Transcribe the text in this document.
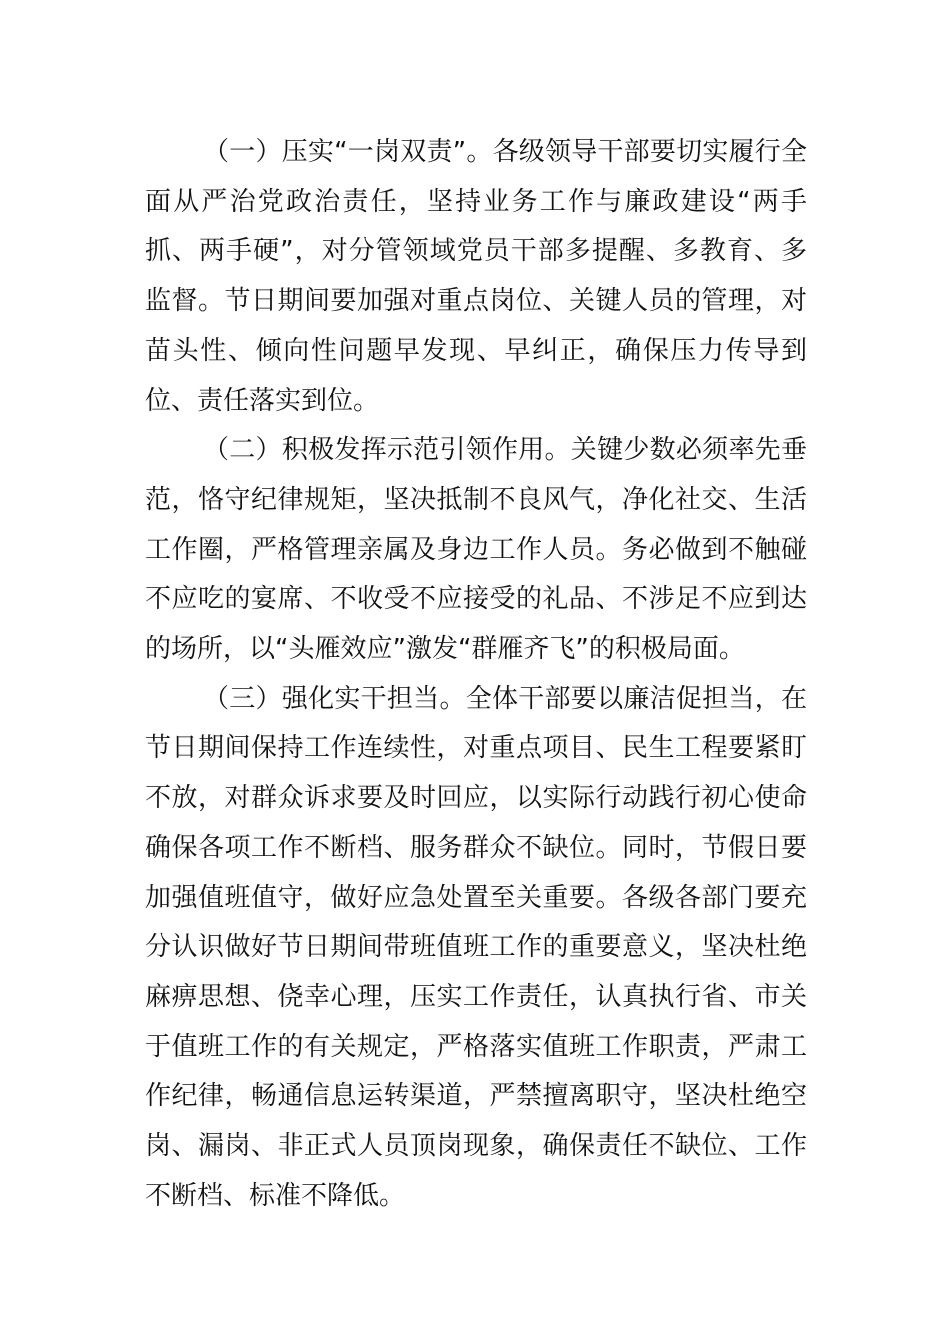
（一）压实“一岗双责”。各级领导干部要切实履行全面从严治党政治责任，坚持业务工作与廉政建设“两手抓、两手硬”，对分管领域党员干部多提醒、多教育、多监督。节日期间要加强对重点岗位、关键人员的管理，对苗头性、倾向性问题早发现、早纠正，确保压力传导到位、责任落实到位。

（二）积极发挥示范引领作用。关键少数必须率先垂范，恪守纪律规矩，坚决抵制不良风气，净化社交、生活工作圈，严格管理亲属及身边工作人员。务必做到不触碰不应吃的宴席、不收受不应接受的礼品、不涉足不应到达的场所，以“头雁效应”激发“群雁齐飞”的积极局面。

（三）强化实干担当。全体干部要以廉洁促担当，在节日期间保持工作连续性，对重点项目、民生工程要紧盯不放，对群众诉求要及时回应，以实际行动践行初心使命确保各项工作不断档、服务群众不缺位。同时，节假日要加强值班值守，做好应急处置至关重要。各级各部门要充分认识做好节日期间带班值班工作的重要意义，坚决杜绝麻痹思想、侥幸心理，压实工作责任，认真执行省、市关于值班工作的有关规定，严格落实值班工作职责，严肃工作纪律，畅通信息运转渠道，严禁擅离职守，坚决杜绝空岗、漏岗、非正式人员顶岗现象，确保责任不缺位、工作不断档、标准不降低。
